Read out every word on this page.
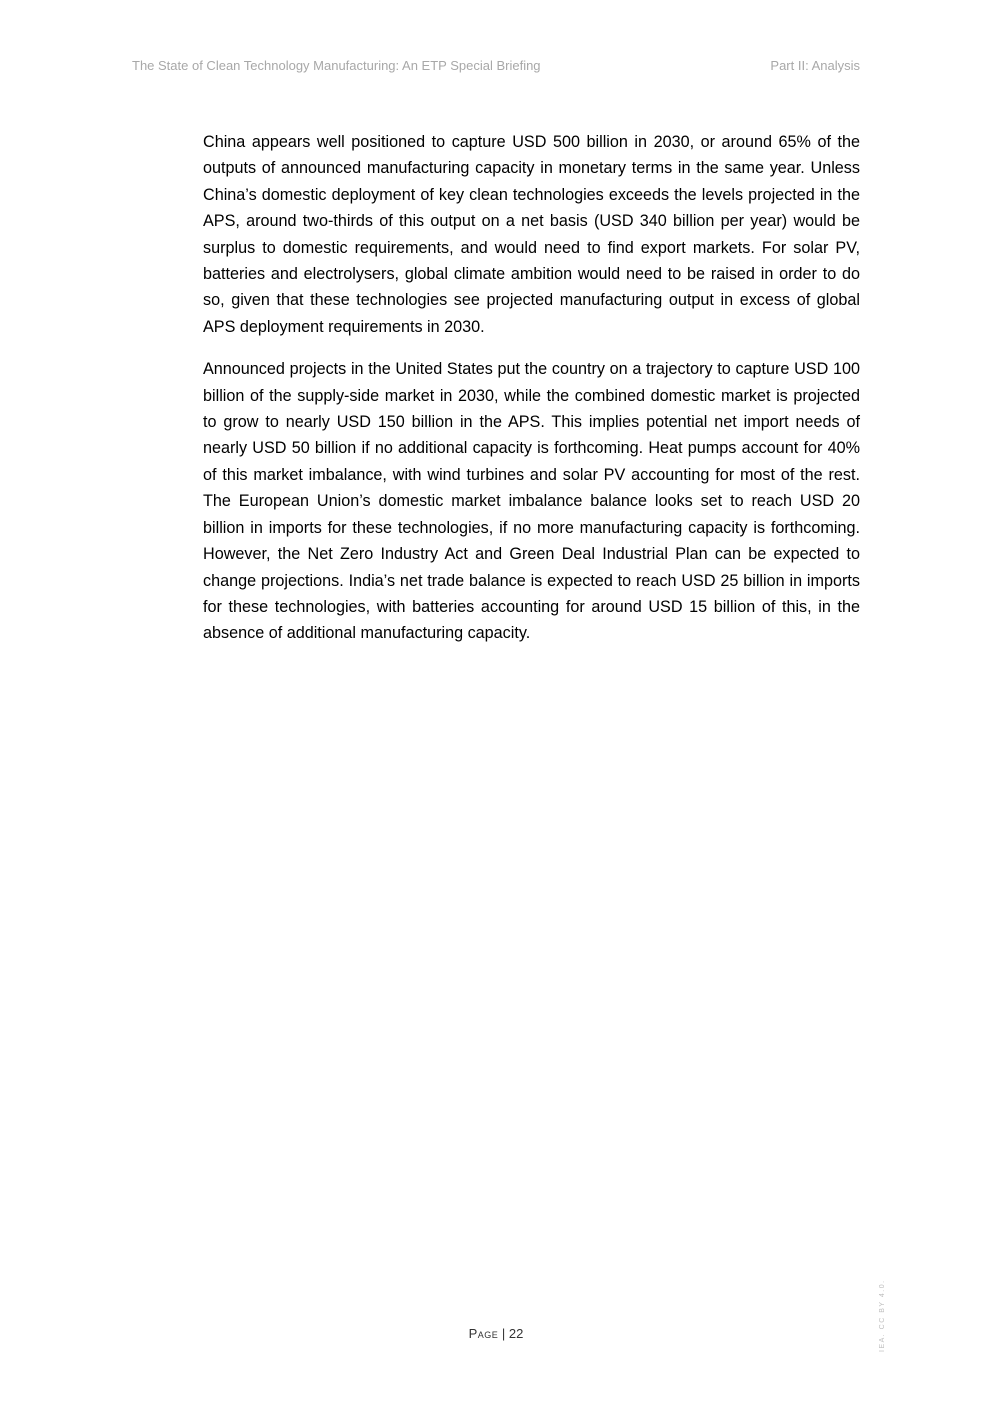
The State of Clean Technology Manufacturing: An ETP Special Briefing	Part II: Analysis

China appears well positioned to capture USD 500 billion in 2030, or around 65% of the outputs of announced manufacturing capacity in monetary terms in the same year. Unless China’s domestic deployment of key clean technologies exceeds the levels projected in the APS, around two-thirds of this output on a net basis (USD 340 billion per year) would be surplus to domestic requirements, and would need to find export markets. For solar PV, batteries and electrolysers, global climate ambition would need to be raised in order to do so, given that these technologies see projected manufacturing output in excess of global APS deployment requirements in 2030.

Announced projects in the United States put the country on a trajectory to capture USD 100 billion of the supply-side market in 2030, while the combined domestic market is projected to grow to nearly USD 150 billion in the APS. This implies potential net import needs of nearly USD 50 billion if no additional capacity is forthcoming. Heat pumps account for 40% of this market imbalance, with wind turbines and solar PV accounting for most of the rest. The European Union’s domestic market imbalance balance looks set to reach USD 20 billion in imports for these technologies, if no more manufacturing capacity is forthcoming. However, the Net Zero Industry Act and Green Deal Industrial Plan can be expected to change projections. India’s net trade balance is expected to reach USD 25 billion in imports for these technologies, with batteries accounting for around USD 15 billion of this, in the absence of additional manufacturing capacity.

Page | 22	IEA. CC BY 4.0.
